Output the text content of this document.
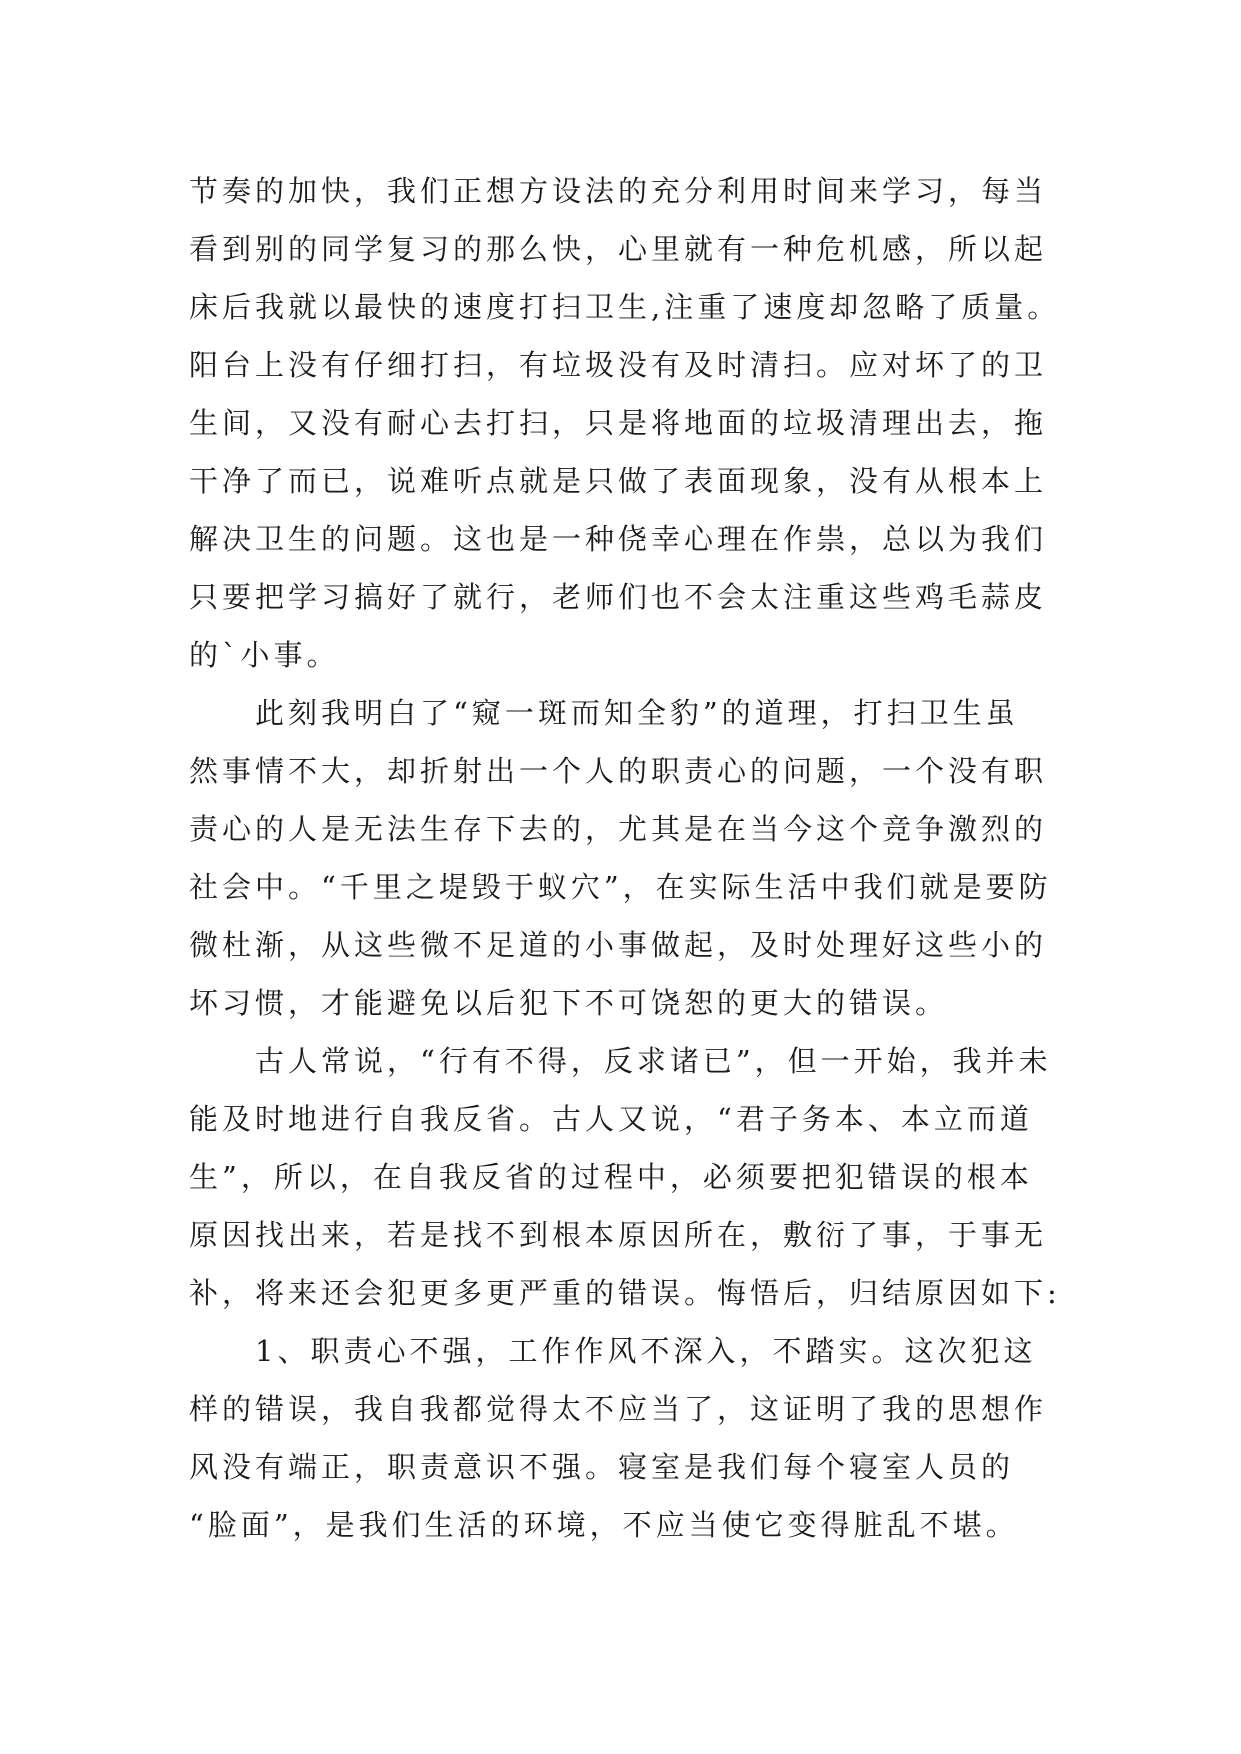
节奏的加快，我们正想方设法的充分利用时间来学习，每当
看到别的同学复习的那么快，心里就有一种危机感，所以起
床后我就以最快的速度打扫卫生,注重了速度却忽略了质量。
阳台上没有仔细打扫，有垃圾没有及时清扫。应对坏了的卫
生间，又没有耐心去打扫，只是将地面的垃圾清理出去，拖
干净了而已，说难听点就是只做了表面现象，没有从根本上
解决卫生的问题。这也是一种侥幸心理在作祟，总以为我们
只要把学习搞好了就行，老师们也不会太注重这些鸡毛蒜皮
的`小事。
此刻我明白了“窥一斑而知全豹”的道理，打扫卫生虽
然事情不大，却折射出一个人的职责心的问题，一个没有职
责心的人是无法生存下去的，尤其是在当今这个竞争激烈的
社会中。“千里之堤毁于蚁穴”，在实际生活中我们就是要防
微杜渐，从这些微不足道的小事做起，及时处理好这些小的
坏习惯，才能避免以后犯下不可饶恕的更大的错误。
古人常说，“行有不得，反求诸已”，但一开始，我并未
能及时地进行自我反省。古人又说，“君子务本、本立而道
生”，所以，在自我反省的过程中，必须要把犯错误的根本
原因找出来，若是找不到根本原因所在，敷衍了事，于事无
补，将来还会犯更多更严重的错误。悔悟后，归结原因如下:
1、职责心不强，工作作风不深入，不踏实。这次犯这
样的错误，我自我都觉得太不应当了，这证明了我的思想作
风没有端正，职责意识不强。寝室是我们每个寝室人员的
“脸面”，是我们生活的环境，不应当使它变得脏乱不堪。
